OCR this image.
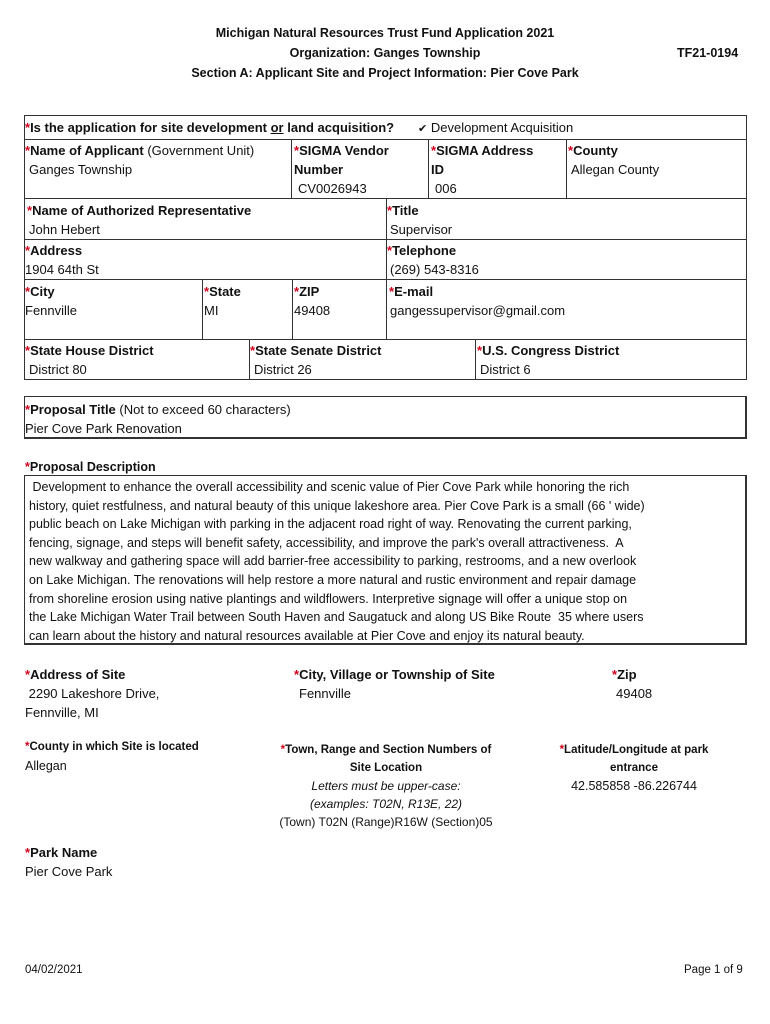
Michigan Natural Resources Trust Fund Application 2021
Organization: Ganges Township	TF21-0194
Section A: Applicant Site and Project Information: Pier Cove Park
*Is the application for site development or land acquisition? ✔ Development Acquisition
*Name of Applicant (Government Unit)
Ganges Township
*SIGMA Vendor
Number
CV0026943
*SIGMA Address
ID
006
*County
Allegan County
*Name of Authorized Representative
John Hebert
*Title
Supervisor
*Address
1904 64th St
*Telephone
(269) 543-8316
*City
Fennville
*State
MI
*ZIP
49408
*E-mail
gangessupervisor@gmail.com
*State House District
District 80
*State Senate District
District 26
*U.S. Congress District
District 6
*Proposal Title (Not to exceed 60 characters)
Pier Cove Park Renovation
*Proposal Description
Development to enhance the overall accessibility and scenic value of Pier Cove Park while honoring the rich
history, quiet restfulness, and natural beauty of this unique lakeshore area. Pier Cove Park is a small (66 ' wide)
public beach on Lake Michigan with parking in the adjacent road right of way. Renovating the current parking,
fencing, signage, and steps will benefit safety, accessibility, and improve the park's overall attractiveness.  A
new walkway and gathering space will add barrier-free accessibility to parking, restrooms, and a new overlook
on Lake Michigan. The renovations will help restore a more natural and rustic environment and repair damage
from shoreline erosion using native plantings and wildflowers. Interpretive signage will offer a unique stop on
the Lake Michigan Water Trail between South Haven and Saugatuck and along US Bike Route  35 where users
can learn about the history and natural resources available at Pier Cove and enjoy its natural beauty.
*Address of Site
2290 Lakeshore Drive,
Fennville, MI
*City, Village or Township of Site
Fennville
*Zip
49408
*County in which Site is located
Allegan
*Town, Range and Section Numbers of
Site Location
Letters must be upper-case:
(examples: T02N, R13E, 22)
(Town) T02N (Range)R16W (Section)05
*Latitude/Longitude at park
entrance
42.585858 -86.226744
*Park Name
Pier Cove Park
04/02/2021	Page 1 of 9
